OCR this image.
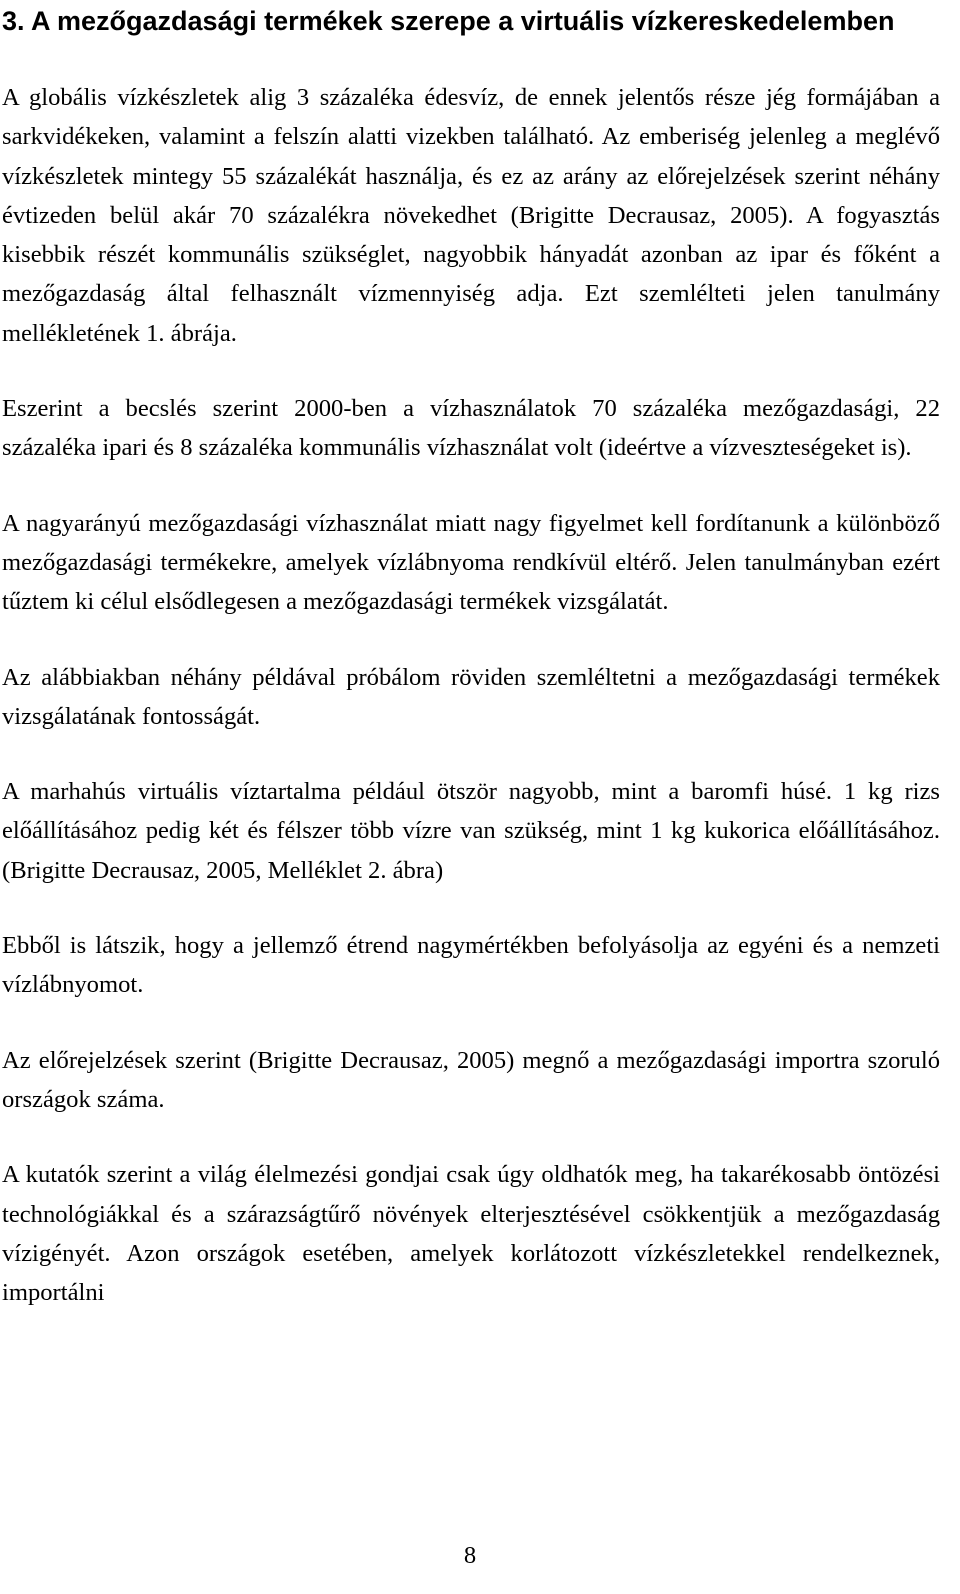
3. A mezőgazdasági termékek szerepe a virtuális vízkereskedelemben

A globális vízkészletek alig 3 százaléka édesvíz, de ennek jelentős része jég formájában a sarkvidékeken, valamint a felszín alatti vizekben található. Az emberiség jelenleg a meglévő vízkészletek mintegy 55 százalékát használja, és ez az arány az előrejelzések szerint néhány évtizeden belül akár 70 százalékra növekedhet (Brigitte Decrausaz, 2005). A fogyasztás kisebbik részét kommunális szükséglet, nagyobbik hányadát azonban az ipar és főként a mezőgazdaság által felhasznált vízmennyiség adja. Ezt szemlélteti jelen tanulmány mellékletének 1. ábrája.

Eszerint a becslés szerint 2000-ben a vízhasználatok 70 százaléka mezőgazdasági, 22 százaléka ipari és 8 százaléka kommunális vízhasználat volt (ideértve a vízveszteségeket is).

A nagyarányú mezőgazdasági vízhasználat miatt nagy figyelmet kell fordítanunk a különböző mezőgazdasági termékekre, amelyek vízlábnyoma rendkívül eltérő. Jelen tanulmányban ezért tűztem ki célul elsődlegesen a mezőgazdasági termékek vizsgálatát.

Az alábbiakban néhány példával próbálom röviden szemléltetni a mezőgazdasági termékek vizsgálatának fontosságát.

A marhahús virtuális víztartalma például ötször nagyobb, mint a baromfi húsé. 1 kg rizs előállításához pedig két és félszer több vízre van szükség, mint 1 kg kukorica előállításához. (Brigitte Decrausaz, 2005, Melléklet 2. ábra)

Ebből is látszik, hogy a jellemző étrend nagymértékben befolyásolja az egyéni és a nemzeti vízlábnyomot.

Az előrejelzések szerint (Brigitte Decrausaz, 2005) megnő a mezőgazdasági importra szoruló országok száma.

A kutatók szerint a világ élelmezési gondjai csak úgy oldhatók meg, ha takarékosabb öntözési technológiákkal és a szárazságtűrő növények elterjesztésével csökkentjük a mezőgazdaság vízigényét. Azon országok esetében, amelyek korlátozott vízkészletekkel rendelkeznek, importálni

8
